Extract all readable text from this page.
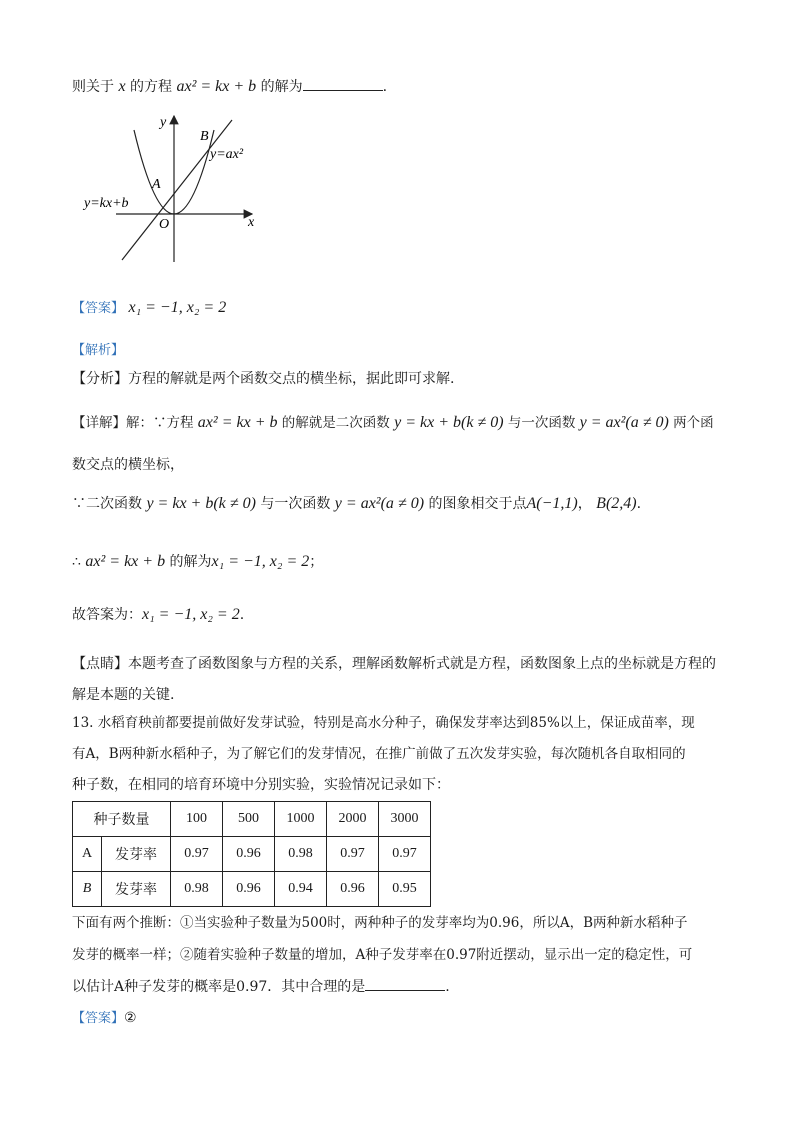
则关于 x 的方程 ax² = kx + b 的解为	.
y
x
O
A
B
y=ax²
y=kx+b
【答案】 x₁ = −1, x₂ = 2
【解析】
【分析】方程的解就是两个函数交点的横坐标，据此即可求解.
【详解】解：∵方程 ax² = kx + b 的解就是二次函数 y = kx + b(k ≠ 0) 与一次函数 y = ax²(a ≠ 0) 两个函
数交点的横坐标，
∵二次函数 y = kx + b(k ≠ 0) 与一次函数 y = ax²(a ≠ 0) 的图象相交于点A(−1,1)， B(2,4).
∴ ax² = kx + b 的解为x₁ = −1, x₂ = 2；
故答案为：x₁ = −1, x₂ = 2.
【点睛】本题考查了函数图象与方程的关系，理解函数解析式就是方程，函数图象上点的坐标就是方程的
解是本题的关键.
13. 水稻育秧前都要提前做好发芽试验，特别是高水分种子，确保发芽率达到85%以上，保证成苗率，现
有A，B两种新水稻种子，为了解它们的发芽情况，在推广前做了五次发芽实验，每次随机各自取相同的
种子数，在相同的培育环境中分别实验，实验情况记录如下：
种子数量		100	500	1000	2000	3000
A	发芽率	0.97	0.96	0.98	0.97	0.97
B	发芽率	0.98	0.96	0.94	0.96	0.95
下面有两个推断：①当实验种子数量为500时，两种种子的发芽率均为0.96，所以A，B两种新水稻种子
发芽的概率一样；②随着实验种子数量的增加，A种子发芽率在0.97附近摆动，显示出一定的稳定性，可
以估计A种子发芽的概率是0.97．其中合理的是	.
【答案】②
